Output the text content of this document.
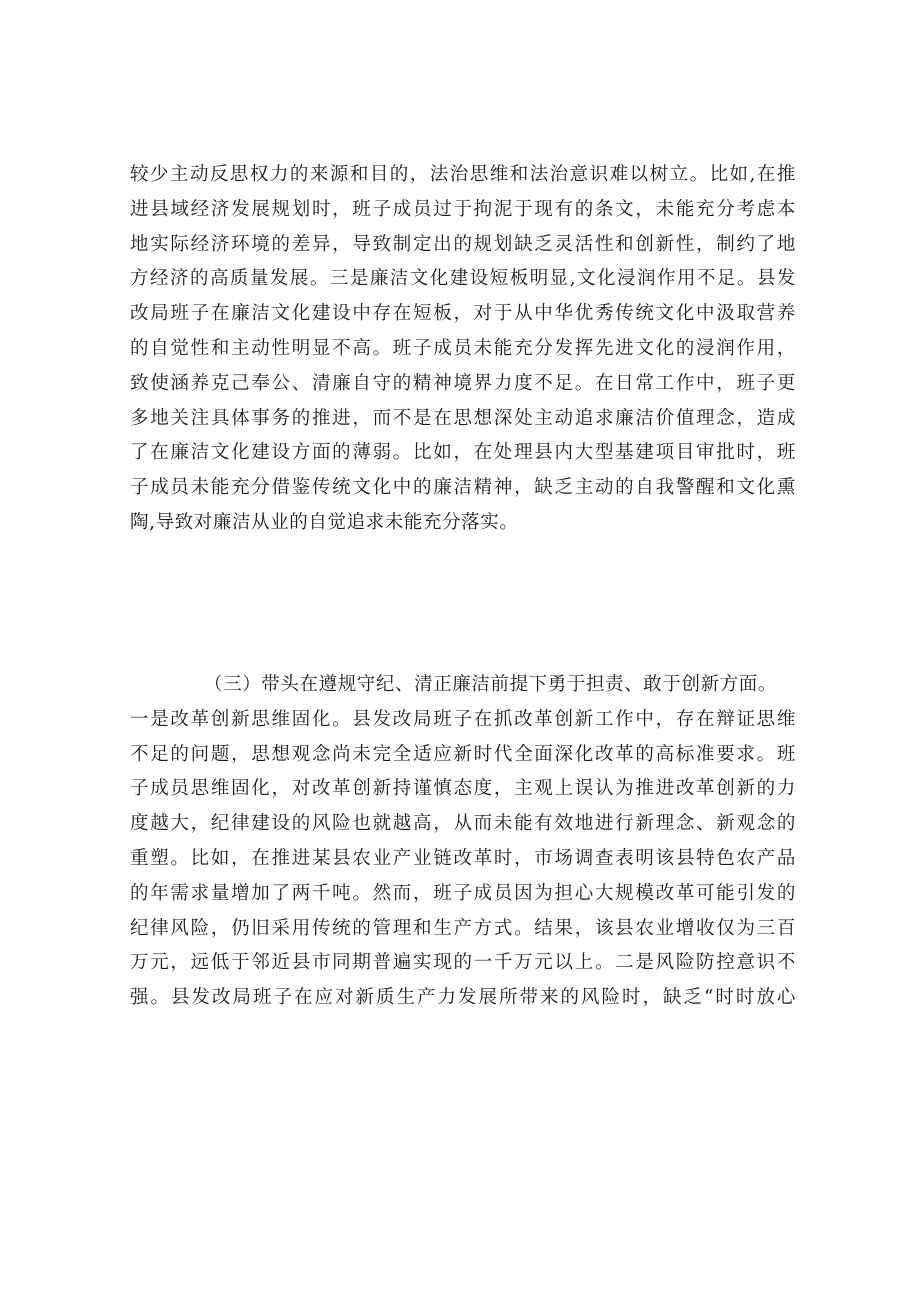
较少主动反思权力的来源和目的，法治思维和法治意识难以树立。比如,在推
进县域经济发展规划时，班子成员过于拘泥于现有的条文，未能充分考虑本
地实际经济环境的差异，导致制定出的规划缺乏灵活性和创新性，制约了地
方经济的高质量发展。三是廉洁文化建设短板明显,文化浸润作用不足。县发
改局班子在廉洁文化建设中存在短板，对于从中华优秀传统文化中汲取营养
的自觉性和主动性明显不高。班子成员未能充分发挥先进文化的浸润作用，
致使涵养克己奉公、清廉自守的精神境界力度不足。在日常工作中，班子更
多地关注具体事务的推进，而不是在思想深处主动追求廉洁价值理念，造成
了在廉洁文化建设方面的薄弱。比如，在处理县内大型基建项目审批时，班
子成员未能充分借鉴传统文化中的廉洁精神，缺乏主动的自我警醒和文化熏
陶,导致对廉洁从业的自觉追求未能充分落实。
（三）带头在遵规守纪、清正廉洁前提下勇于担责、敢于创新方面。
一是改革创新思维固化。县发改局班子在抓改革创新工作中，存在辩证思维
不足的问题，思想观念尚未完全适应新时代全面深化改革的高标准要求。班
子成员思维固化，对改革创新持谨慎态度，主观上误认为推进改革创新的力
度越大，纪律建设的风险也就越高，从而未能有效地进行新理念、新观念的
重塑。比如，在推进某县农业产业链改革时，市场调查表明该县特色农产品
的年需求量增加了两千吨。然而，班子成员因为担心大规模改革可能引发的
纪律风险，仍旧采用传统的管理和生产方式。结果，该县农业增收仅为三百
万元，远低于邻近县市同期普遍实现的一千万元以上。二是风险防控意识不
强。县发改局班子在应对新质生产力发展所带来的风险时，缺乏“时时放心
